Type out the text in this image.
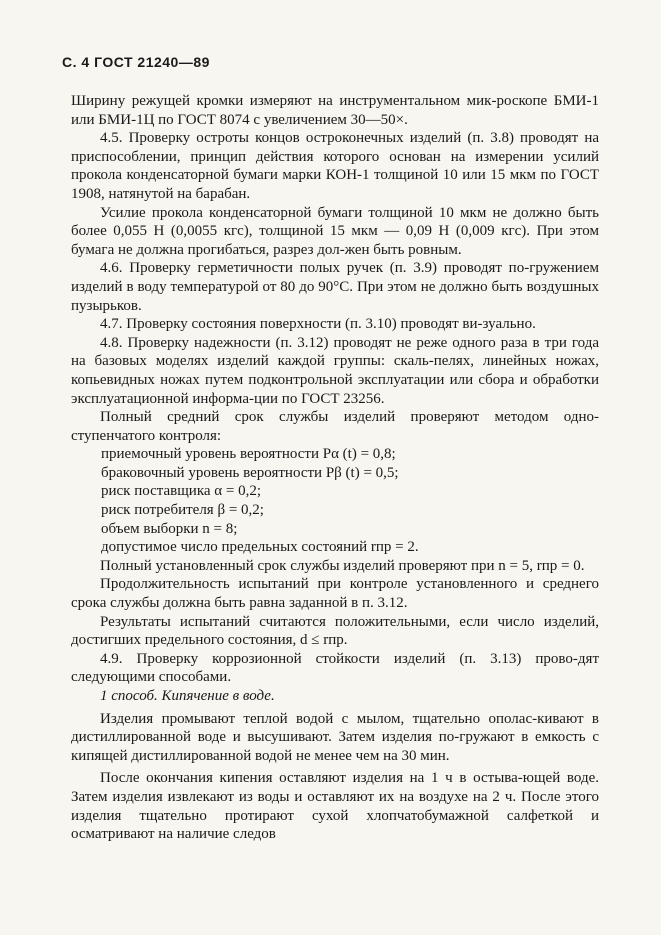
С. 4 ГОСТ 21240—89

Ширину режущей кромки измеряют на инструментальном мик-роскопе БМИ-1 или БМИ-1Ц по ГОСТ 8074 с увеличением 30—50×.

4.5. Проверку остроты концов остроконечных изделий (п. 3.8) проводят на приспособлении, принцип действия которого основан на измерении усилий прокола конденсаторной бумаги марки КОН-1 толщиной 10 или 15 мкм по ГОСТ 1908, натянутой на барабан.

Усилие прокола конденсаторной бумаги толщиной 10 мкм не должно быть более 0,055 Н (0,0055 кгс), толщиной 15 мкм — 0,09 Н (0,009 кгс). При этом бумага не должна прогибаться, разрез дол-жен быть ровным.

4.6. Проверку герметичности полых ручек (п. 3.9) проводят по-гружением изделий в воду температурой от 80 до 90°С. При этом не должно быть воздушных пузырьков.

4.7. Проверку состояния поверхности (п. 3.10) проводят ви-зуально.

4.8. Проверку надежности (п. 3.12) проводят не реже одного раза в три года на базовых моделях изделий каждой группы: скаль-пелях, линейных ножах, копьевидных ножах путем подконтрольной эксплуатации или сбора и обработки эксплуатационной информа-ции по ГОСТ 23256.

Полный средний срок службы изделий проверяют методом одно-ступенчатого контроля:

приемочный уровень вероятности Pα (t) = 0,8;

браковочный уровень вероятности Pβ (t) = 0,5;

риск поставщика α = 0,2;

риск потребителя β = 0,2;

объем выборки n = 8;

допустимое число предельных состояний rпр = 2.

Полный установленный срок службы изделий проверяют при n = 5, rпр = 0.

Продолжительность испытаний при контроле установленного и среднего срока службы должна быть равна заданной в п. 3.12.

Результаты испытаний считаются положительными, если число изделий, достигших предельного состояния, d ≤ rпр.

4.9. Проверку коррозионной стойкости изделий (п. 3.13) прово-дят следующими способами.

1 способ. Кипячение в воде.

Изделия промывают теплой водой с мылом, тщательно ополас-кивают в дистиллированной воде и высушивают. Затем изделия по-гружают в емкость с кипящей дистиллированной водой не менее чем на 30 мин.

После окончания кипения оставляют изделия на 1 ч в остыва-ющей воде. Затем изделия извлекают из воды и оставляют их на воздухе на 2 ч. После этого изделия тщательно протирают сухой хлопчатобумажной салфеткой и осматривают на наличие следов
